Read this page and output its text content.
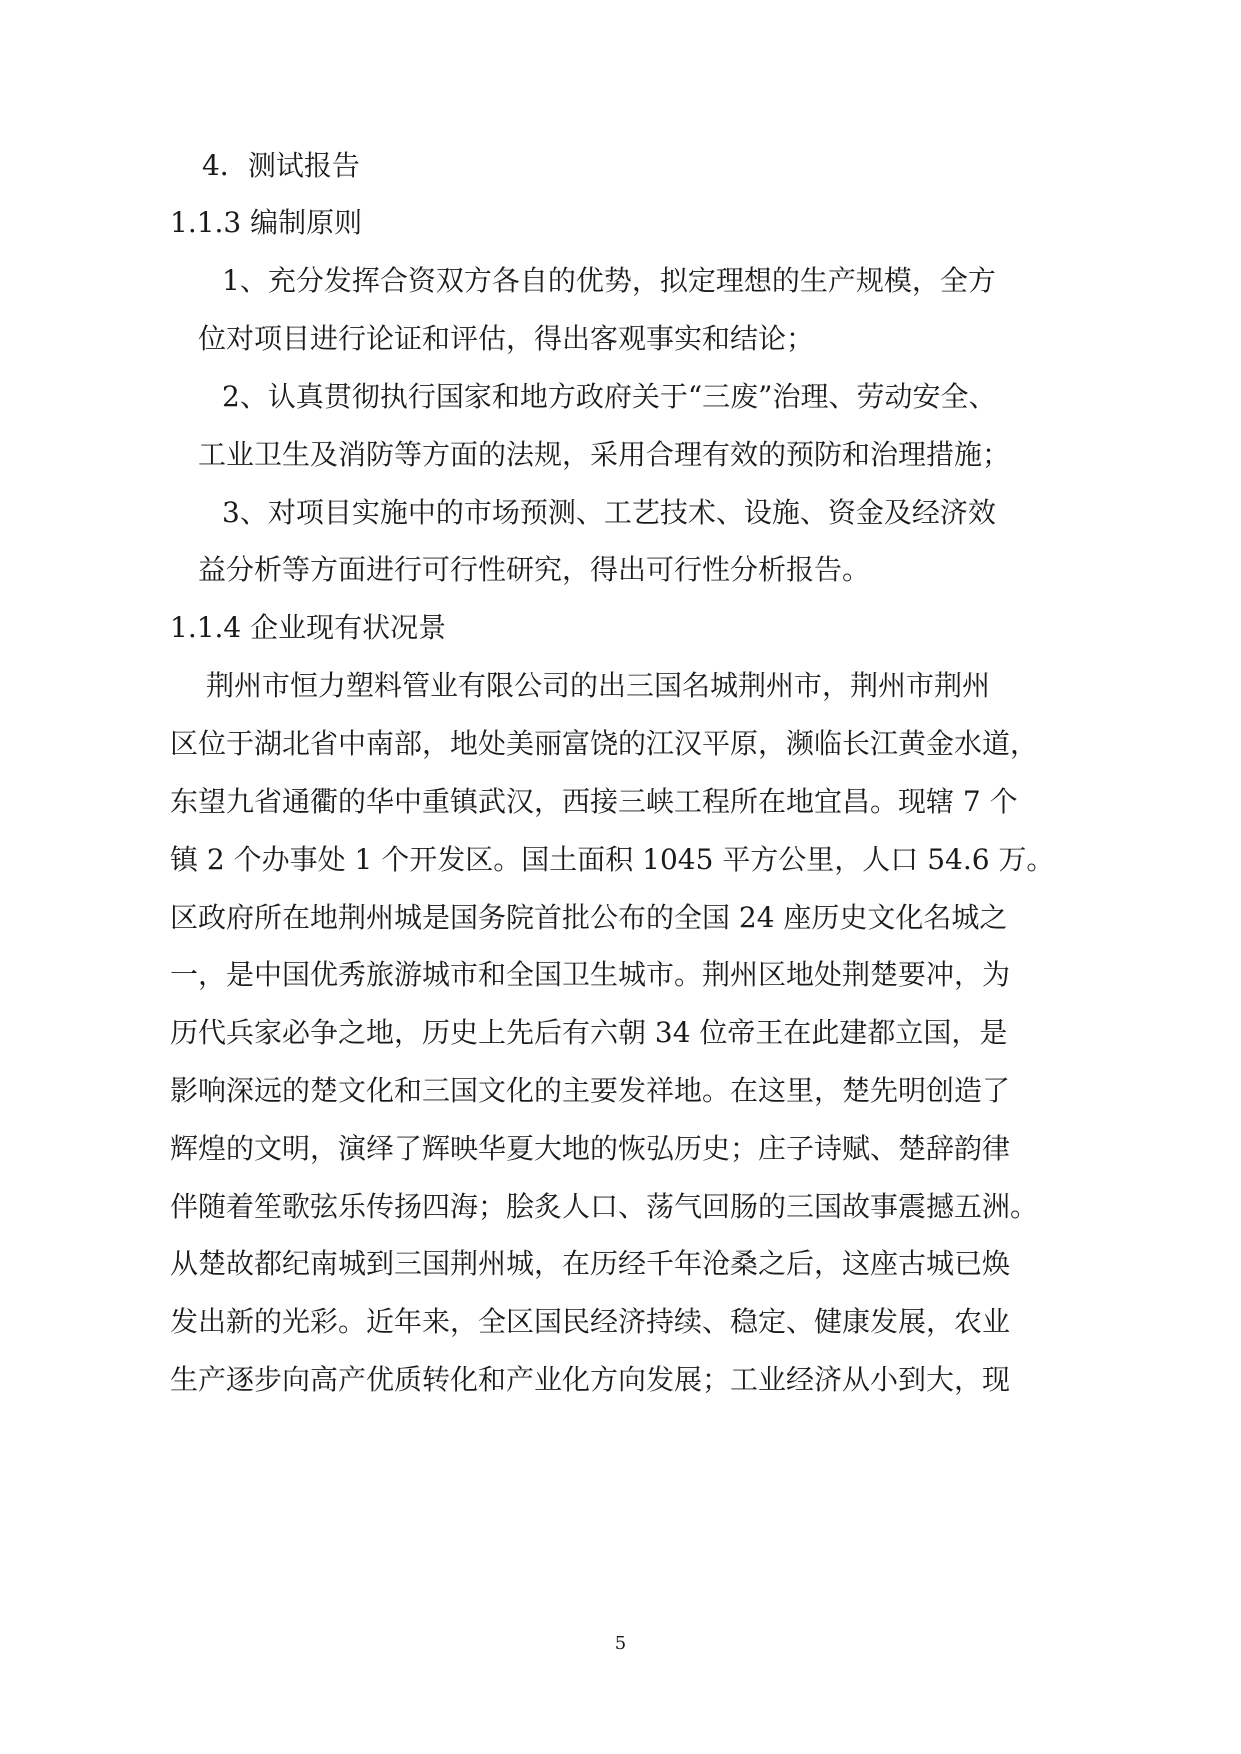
4．测试报告

1.1.3 编制原则

1、充分发挥合资双方各自的优势，拟定理想的生产规模，全方

位对项目进行论证和评估，得出客观事实和结论；

2、认真贯彻执行国家和地方政府关于“三废”治理、劳动安全、

工业卫生及消防等方面的法规，采用合理有效的预防和治理措施；

3、对项目实施中的市场预测、工艺技术、设施、资金及经济效

益分析等方面进行可行性研究，得出可行性分析报告。

1.1.4 企业现有状况景

荆州市恒力塑料管业有限公司的出三国名城荆州市，荆州市荆州

区位于湖北省中南部，地处美丽富饶的江汉平原，濒临长江黄金水道，

东望九省通衢的华中重镇武汉，西接三峡工程所在地宜昌。现辖 7 个

镇 2 个办事处 1 个开发区。国土面积 1045 平方公里，人口 54.6 万。

区政府所在地荆州城是国务院首批公布的全国 24 座历史文化名城之

一，是中国优秀旅游城市和全国卫生城市。荆州区地处荆楚要冲，为

历代兵家必争之地，历史上先后有六朝 34 位帝王在此建都立国，是

影响深远的楚文化和三国文化的主要发祥地。在这里，楚先明创造了

辉煌的文明，演绎了辉映华夏大地的恢弘历史；庄子诗赋、楚辞韵律

伴随着笙歌弦乐传扬四海；脍炙人口、荡气回肠的三国故事震撼五洲。

从楚故都纪南城到三国荆州城，在历经千年沧桑之后，这座古城已焕

发出新的光彩。近年来，全区国民经济持续、稳定、健康发展，农业

生产逐步向高产优质转化和产业化方向发展；工业经济从小到大，现

5
